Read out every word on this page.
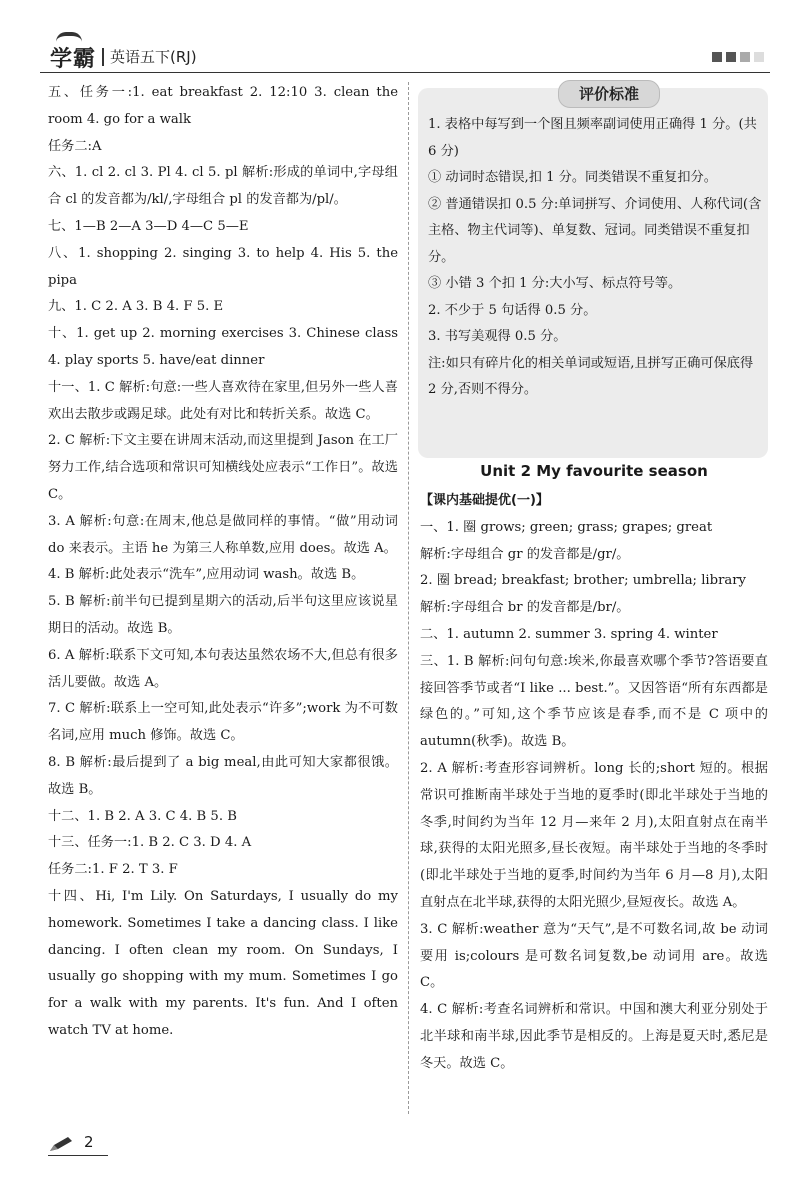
学霸 英语五下(RJ)

五、任务一:1. eat breakfast 2. 12:10 3. clean the room 4. go for a walk

任务二:A

六、1. cl 2. cl 3. Pl 4. cl 5. pl 解析:形成的单词中,字母组合 cl 的发音都为/kl/,字母组合 pl 的发音都为/pl/。

七、1—B 2—A 3—D 4—C 5—E

八、1. shopping 2. singing 3. to help 4. His 5. the pipa

九、1. C 2. A 3. B 4. F 5. E

十、1. get up 2. morning exercises 3. Chinese class 4. play sports 5. have/eat dinner

十一、1. C 解析:句意:一些人喜欢待在家里,但另外一些人喜欢出去散步或踢足球。此处有对比和转折关系。故选 C。

2. C 解析:下文主要在讲周末活动,而这里提到 Jason 在工厂努力工作,结合选项和常识可知横线处应表示“工作日”。故选 C。

3. A 解析:句意:在周末,他总是做同样的事情。“做”用动词 do 来表示。主语 he 为第三人称单数,应用 does。故选 A。

4. B 解析:此处表示“洗车”,应用动词 wash。故选 B。

5. B 解析:前半句已提到星期六的活动,后半句这里应该说星期日的活动。故选 B。

6. A 解析:联系下文可知,本句表达虽然农场不大,但总有很多活儿要做。故选 A。

7. C 解析:联系上一空可知,此处表示“许多”;work 为不可数名词,应用 much 修饰。故选 C。

8. B 解析:最后提到了 a big meal,由此可知大家都很饿。故选 B。

十二、1. B 2. A 3. C 4. B 5. B

十三、任务一:1. B 2. C 3. D 4. A

任务二:1. F 2. T 3. F

十四、Hi, I'm Lily. On Saturdays, I usually do my homework. Sometimes I take a dancing class. I like dancing. I often clean my room. On Sundays, I usually go shopping with my mum. Sometimes I go for a walk with my parents. It's fun. And I often watch TV at home.

评价标准

1. 表格中每写到一个图且频率副词使用正确得 1 分。(共 6 分)

① 动词时态错误,扣 1 分。同类错误不重复扣分。

② 普通错误扣 0.5 分:单词拼写、介词使用、人称代词(含主格、物主代词等)、单复数、冠词。同类错误不重复扣分。

③ 小错 3 个扣 1 分:大小写、标点符号等。

2. 不少于 5 句话得 0.5 分。

3. 书写美观得 0.5 分。

注:如只有碎片化的相关单词或短语,且拼写正确可保底得 2 分,否则不得分。

Unit 2 My favourite season

【课内基础提优(一)】

一、1. 圈 grows; green; grass; grapes; great

解析:字母组合 gr 的发音都是/gr/。

2. 圈 bread; breakfast; brother; umbrella; library

解析:字母组合 br 的发音都是/br/。

二、1. autumn 2. summer 3. spring 4. winter

三、1. B 解析:问句句意:埃米,你最喜欢哪个季节?答语要直接回答季节或者“I like ... best.”。又因答语“所有东西都是绿色的。”可知,这个季节应该是春季,而不是 C 项中的 autumn(秋季)。故选 B。

2. A 解析:考查形容词辨析。long 长的;short 短的。根据常识可推断南半球处于当地的夏季时(即北半球处于当地的冬季,时间约为当年 12 月—来年 2 月),太阳直射点在南半球,获得的太阳光照多,昼长夜短。南半球处于当地的冬季时(即北半球处于当地的夏季,时间约为当年 6 月—8 月),太阳直射点在北半球,获得的太阳光照少,昼短夜长。故选 A。

3. C 解析:weather 意为“天气”,是不可数名词,故 be 动词要用 is;colours 是可数名词复数,be 动词用 are。故选 C。

4. C 解析:考查名词辨析和常识。中国和澳大利亚分别处于北半球和南半球,因此季节是相反的。上海是夏天时,悉尼是冬天。故选 C。

2
